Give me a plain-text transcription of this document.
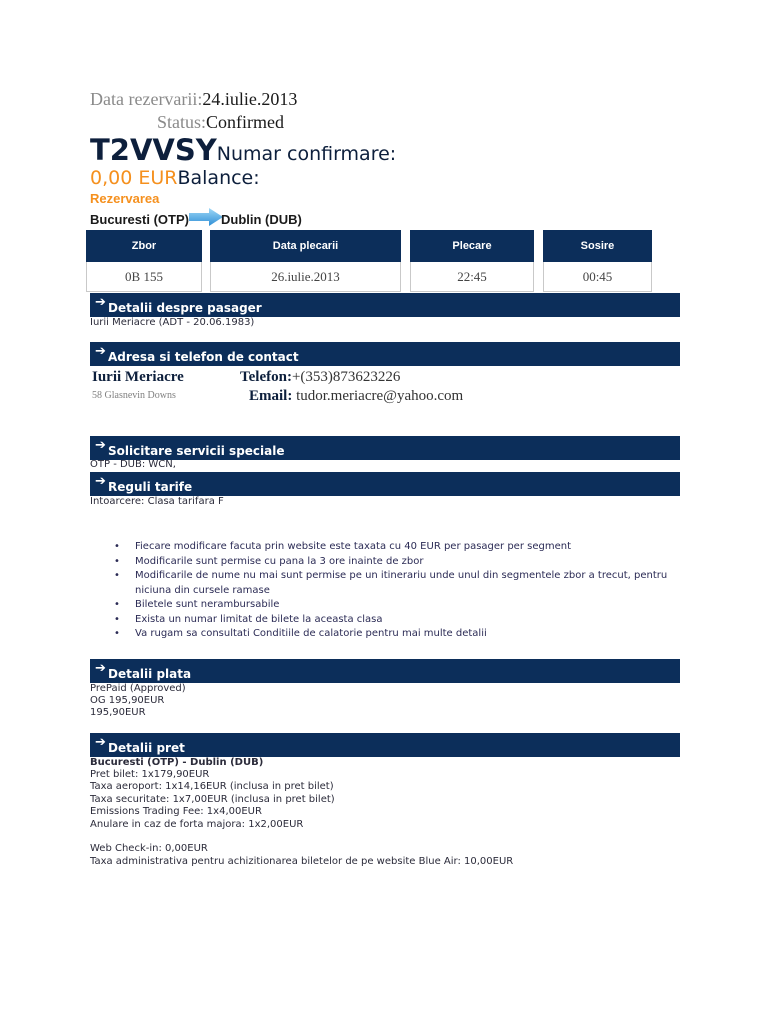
Data rezervarii:24.iulie.2013
Status:Confirmed
T2VVSYNumar confirmare:
0,00 EURBalance:
Rezervarea
Bucuresti (OTP) Dublin (DUB)
Zbor	Data plecarii	Plecare	Sosire
0B 155	26.iulie.2013	22:45	00:45
➔ Detalii despre pasager
Iurii Meriacre (ADT - 20.06.1983)
➔ Adresa si telefon de contact
Iurii Meriacre
58 Glasnevin Downs
Telefon:+(353)873623226
Email: tudor.meriacre@yahoo.com
➔ Solicitare servicii speciale
OTP - DUB: WCN,
➔ Reguli tarife
Intoarcere: Clasa tarifara F
• Fiecare modificare facuta prin website este taxata cu 40 EUR per pasager per segment
• Modificarile sunt permise cu pana la 3 ore inainte de zbor
• Modificarile de nume nu mai sunt permise pe un itinerariu unde unul din segmentele zbor a trecut, pentru niciuna din cursele ramase
• Biletele sunt nerambursabile
• Exista un numar limitat de bilete la aceasta clasa
• Va rugam sa consultati Conditiile de calatorie pentru mai multe detalii
➔ Detalii plata
PrePaid (Approved)
OG 195,90EUR
195,90EUR
➔ Detalii pret
Bucuresti (OTP) - Dublin (DUB)
Pret bilet: 1x179,90EUR
Taxa aeroport: 1x14,16EUR (inclusa in pret bilet)
Taxa securitate: 1x7,00EUR (inclusa in pret bilet)
Emissions Trading Fee: 1x4,00EUR
Anulare in caz de forta majora: 1x2,00EUR
Web Check-in: 0,00EUR
Taxa administrativa pentru achizitionarea biletelor de pe website Blue Air: 10,00EUR
